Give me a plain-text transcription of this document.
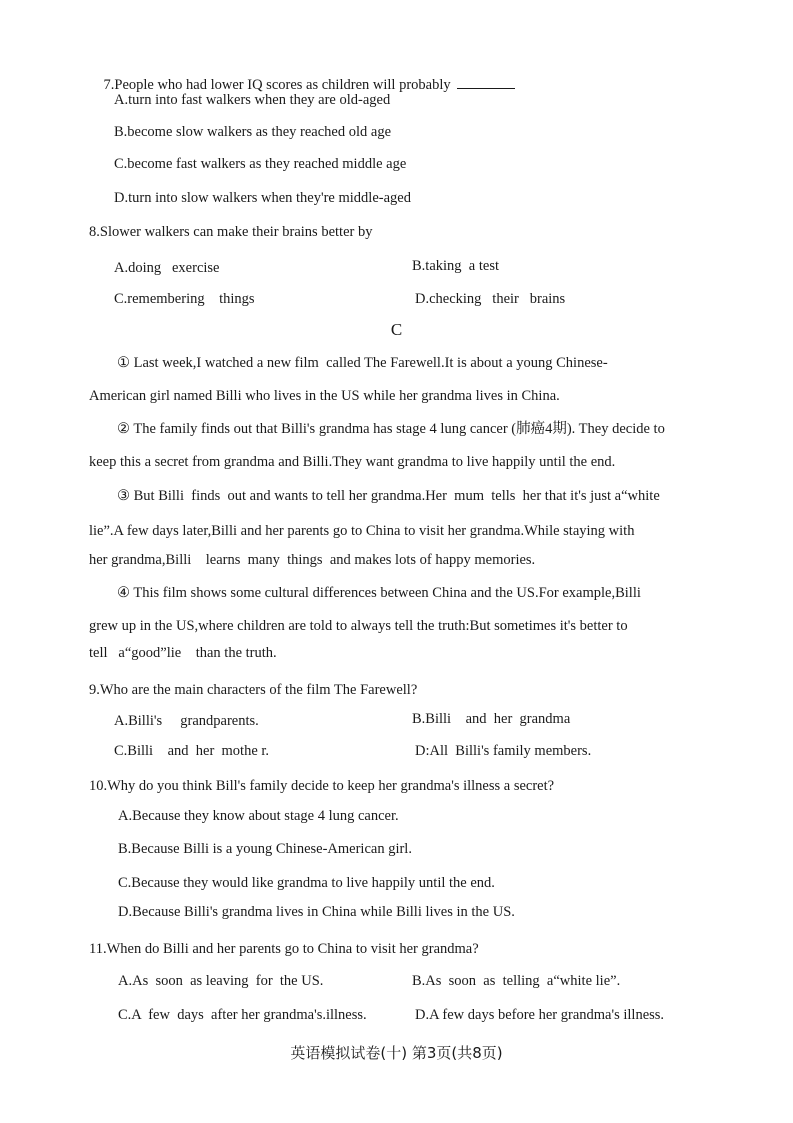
7.People who had lower IQ scores as children will probably

A.turn into fast walkers when they are old-aged
B.become slow walkers as they reached old age
C.become fast walkers as they reached middle age
D.turn into slow walkers when they're middle-aged
8.Slower walkers can make their brains better by
A.doing   exercise	B.taking  a test
C.remembering    things	D.checking   their   brains
C
① Last week,I watched a new film  called The Farewell.It is about a young Chinese-
American girl named Billi who lives in the US while her grandma lives in China.
② The family finds out that Billi's grandma has stage 4 lung cancer (肺癌4期). They decide to
keep this a secret from grandma and Billi.They want grandma to live happily until the end.
③ But Billi  finds  out and wants to tell her grandma.Her  mum  tells  her that it's just a“white
lie”.A few days later,Billi and her parents go to China to visit her grandma.While staying with
her grandma,Billi    learns  many  things  and makes lots of happy memories.
④ This film shows some cultural differences between China and the US.For example,Billi
grew up in the US,where children are told to always tell the truth:But sometimes it's better to
tell   a“good”lie    than the truth.
9.Who are the main characters of the film The Farewell?
A.Billi's     grandparents.	B.Billi    and  her  grandma
C.Billi    and  her  mothe r.	D:All  Billi's family members.
10.Why do you think Bill's family decide to keep her grandma's illness a secret?
A.Because they know about stage 4 lung cancer.
B.Because Billi is a young Chinese-American girl.
C.Because they would like grandma to live happily until the end.
D.Because Billi's grandma lives in China while Billi lives in the US.
11.When do Billi and her parents go to China to visit her grandma?
A.As  soon  as leaving  for  the US.	B.As  soon  as  telling  a“white lie”.
C.A  few  days  after her grandma's.illness.	D.A few days before her grandma's illness.
英语模拟试卷(十) 第3页(共8页)
